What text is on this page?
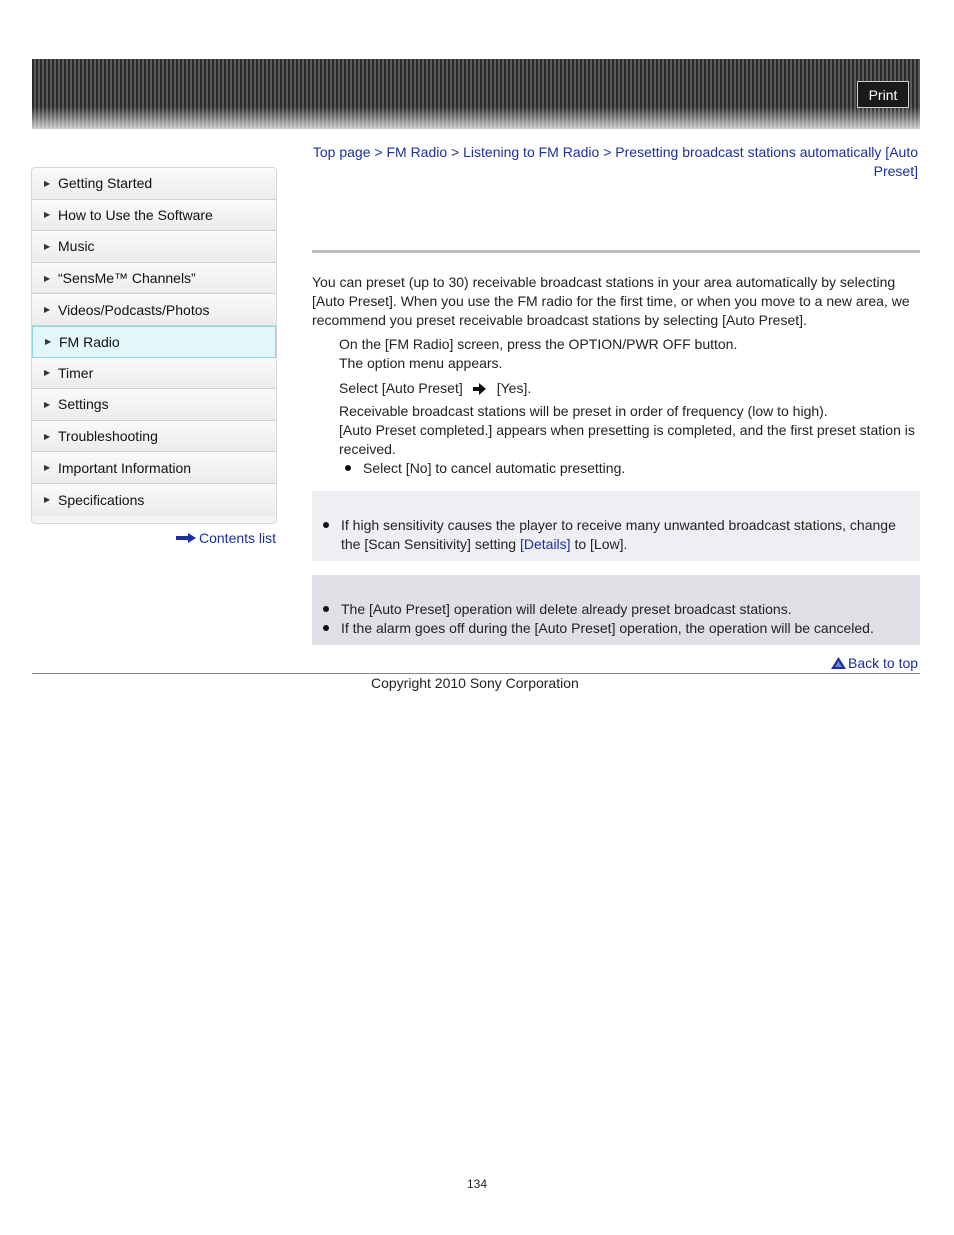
Print
Top page > FM Radio > Listening to FM Radio > Presetting broadcast stations automatically [Auto Preset]
▶ Getting Started
▶ How to Use the Software
▶ Music
▶ “SensMe™ Channels”
▶ Videos/Podcasts/Photos
▶ FM Radio
▶ Timer
▶ Settings
▶ Troubleshooting
▶ Important Information
▶ Specifications
Contents list
You can preset (up to 30) receivable broadcast stations in your area automatically by selecting [Auto Preset]. When you use the FM radio for the first time, or when you move to a new area, we recommend you preset receivable broadcast stations by selecting [Auto Preset].
On the [FM Radio] screen, press the OPTION/PWR OFF button.
The option menu appears.
Select [Auto Preset] [Yes].
Receivable broadcast stations will be preset in order of frequency (low to high).
[Auto Preset completed.] appears when presetting is completed, and the first preset station is received.
Select [No] to cancel automatic presetting.
If high sensitivity causes the player to receive many unwanted broadcast stations, change the [Scan Sensitivity] setting [Details] to [Low].
The [Auto Preset] operation will delete already preset broadcast stations.
If the alarm goes off during the [Auto Preset] operation, the operation will be canceled.
Back to top
Copyright 2010 Sony Corporation
134
